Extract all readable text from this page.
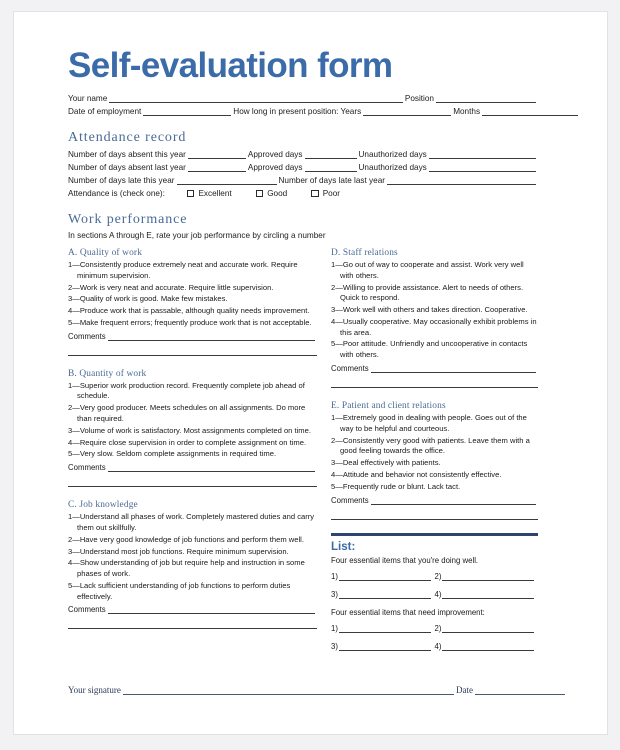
Self-evaluation form
Your name	Position
Date of employment	How long in present position: Years	Months
Attendance record
Number of days absent this year	Approved days	Unauthorized days
Number of days absent last year	Approved days	Unauthorized days
Number of days late this year	Number of days late last year
Attendance is (check one):	Excellent	Good	Poor
Work performance
In sections A through E, rate your job performance by circling a number
A. Quality of work

1—Consistently produce extremely neat and accurate work. Require minimum supervision.

2—Work is very neat and accurate. Require little supervision.

3—Quality of work is good. Make few mistakes.

4—Produce work that is passable, although quality needs improvement.

5—Make frequent errors; frequently produce work that is not acceptable.

Comments
B. Quantity of work

1—Superior work production record. Frequently complete job ahead of schedule.

2—Very good producer. Meets schedules on all assignments. Do more than required.

3—Volume of work is satisfactory. Most assignments completed on time.

4—Require close supervision in order to complete assignment on time.

5—Very slow. Seldom complete assignments in required time.

Comments
C. Job knowledge

1—Understand all phases of work. Completely mastered duties and carry them out skillfully.

2—Have very good knowledge of job functions and perform them well.

3—Understand most job functions. Require minimum supervision.

4—Show understanding of job but require help and instruction in some phases of work.

5—Lack sufficient understanding of job functions to perform duties effectively.

Comments
D. Staff relations

1—Go out of way to cooperate and assist. Work very well with others.

2—Willing to provide assistance. Alert to needs of others. Quick to respond.

3—Work well with others and takes direction. Cooperative.

4—Usually cooperative. May occasionally exhibit problems in this area.

5—Poor attitude. Unfriendly and uncooperative in contacts with others.

Comments
E. Patient and client relations

1—Extremely good in dealing with people. Goes out of the way to be helpful and courteous.

2—Consistently very good with patients. Leave them with a good feeling towards the office.

3—Deal effectively with patients.

4—Attitude and behavior not consistently effective.

5—Frequently rude or blunt. Lack tact.

Comments
List:
Four essential items that you're doing well.
1)	2)
3)	4)
Four essential items that need improvement:
1)	2)
3)	4)
Your signature	Date
